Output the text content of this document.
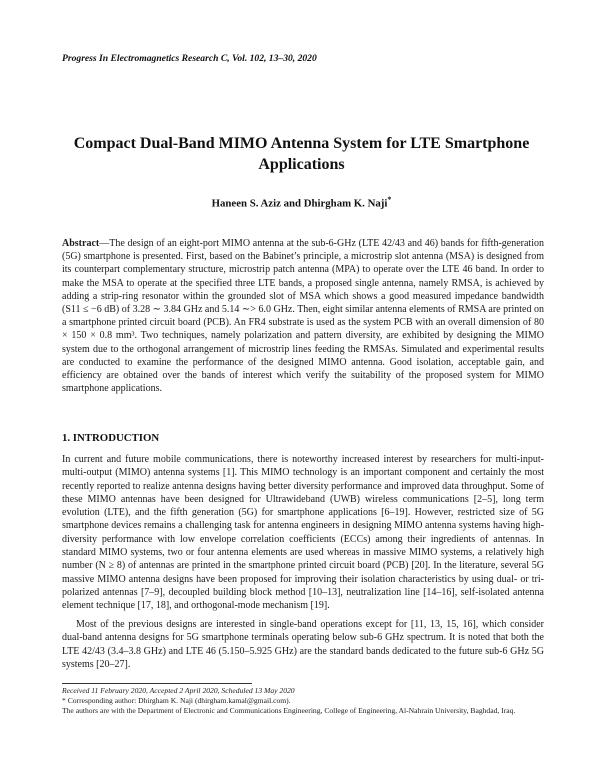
Progress In Electromagnetics Research C, Vol. 102, 13–30, 2020
Compact Dual-Band MIMO Antenna System for LTE Smartphone Applications
Haneen S. Aziz and Dhirgham K. Naji*
Abstract—The design of an eight-port MIMO antenna at the sub-6-GHz (LTE 42/43 and 46) bands for fifth-generation (5G) smartphone is presented. First, based on the Babinet’s principle, a microstrip slot antenna (MSA) is designed from its counterpart complementary structure, microstrip patch antenna (MPA) to operate over the LTE 46 band. In order to make the MSA to operate at the specified three LTE bands, a proposed single antenna, namely RMSA, is achieved by adding a strip-ring resonator within the grounded slot of MSA which shows a good measured impedance bandwidth (S11 ≤ −6 dB) of 3.28 ∼ 3.84 GHz and 5.14 ∼> 6.0 GHz. Then, eight similar antenna elements of RMSA are printed on a smartphone printed circuit board (PCB). An FR4 substrate is used as the system PCB with an overall dimension of 80 × 150 × 0.8 mm³. Two techniques, namely polarization and pattern diversity, are exhibited by designing the MIMO system due to the orthogonal arrangement of microstrip lines feeding the RMSAs. Simulated and experimental results are conducted to examine the performance of the designed MIMO antenna. Good isolation, acceptable gain, and efficiency are obtained over the bands of interest which verify the suitability of the proposed system for MIMO smartphone applications.
1. INTRODUCTION

In current and future mobile communications, there is noteworthy increased interest by researchers for multi-input-multi-output (MIMO) antenna systems [1]. This MIMO technology is an important component and certainly the most recently reported to realize antenna designs having better diversity performance and improved data throughput. Some of these MIMO antennas have been designed for Ultrawideband (UWB) wireless communications [2–5], long term evolution (LTE), and the fifth generation (5G) for smartphone applications [6–19]. However, restricted size of 5G smartphone devices remains a challenging task for antenna engineers in designing MIMO antenna systems having high-diversity performance with low envelope correlation coefficients (ECCs) among their ingredients of antennas. In standard MIMO systems, two or four antenna elements are used whereas in massive MIMO systems, a relatively high number (N ≥ 8) of antennas are printed in the smartphone printed circuit board (PCB) [20]. In the literature, several 5G massive MIMO antenna designs have been proposed for improving their isolation characteristics by using dual- or tri-polarized antennas [7–9], decoupled building block method [10–13], neutralization line [14–16], self-isolated antenna element technique [17, 18], and orthogonal-mode mechanism [19].

Most of the previous designs are interested in single-band operations except for [11, 13, 15, 16], which consider dual-band antenna designs for 5G smartphone terminals operating below sub-6 GHz spectrum. It is noted that both the LTE 42/43 (3.4–3.8 GHz) and LTE 46 (5.150–5.925 GHz) are the standard bands dedicated to the future sub-6 GHz 5G systems [20–27].

Received 11 February 2020, Accepted 2 April 2020, Scheduled 13 May 2020
* Corresponding author: Dhirgham K. Naji (dhirgham.kamal@gmail.com).
The authors are with the Department of Electronic and Communications Engineering, College of Engineering, Al-Nahrain University, Baghdad, Iraq.
